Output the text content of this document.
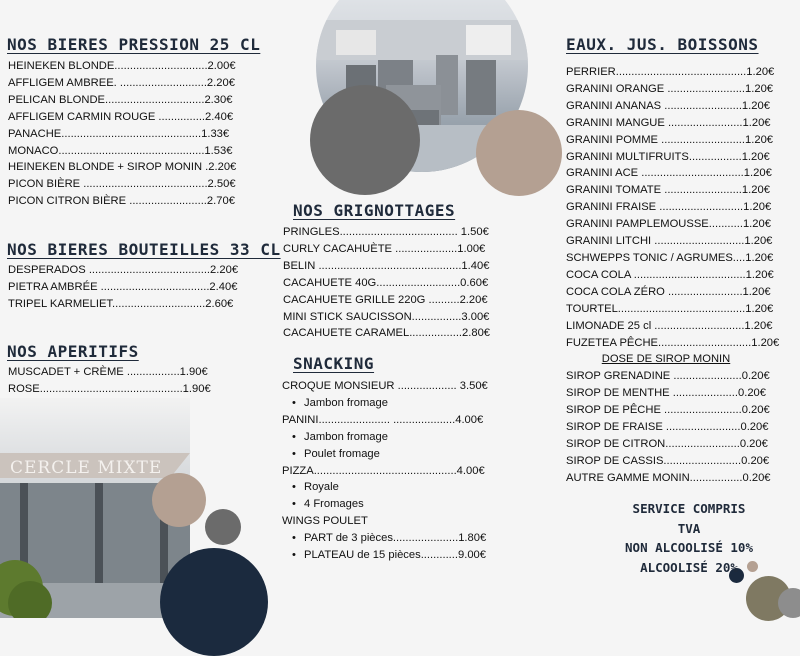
CERCLE MIXTE
NOS BIERES PRESSION 25 CL
HEINEKEN BLONDE..............................2.00€
AFFLIGEM AMBREE. ............................2.20€
PELICAN BLONDE................................2.30€
AFFLIGEM CARMIN ROUGE ...............2.40€
PANACHE.............................................1.33€
MONACO...............................................1.53€
HEINEKEN BLONDE + SIROP MONIN .2.20€
PICON BIÈRE ........................................2.50€
PICON CITRON BIÈRE .........................2.70€
NOS BIERES BOUTEILLES 33 CL
DESPERADOS .......................................2.20€
PIETRA AMBRÉE ...................................2.40€
TRIPEL KARMELIET..............................2.60€
NOS APERITIFS
MUSCADET + CRÈME .................1.90€
ROSE..............................................1.90€
NOS GRIGNOTTAGES
PRINGLES...................................... 1.50€
CURLY CACAHUÈTE ....................1.00€
BELIN ..............................................1.40€
CACAHUETE 40G...........................0.60€
CACAHUETE GRILLE 220G ..........2.20€
MINI STICK SAUCISSON................3.00€
CACAHUETE CARAMEL.................2.80€
SNACKING
CROQUE MONSIEUR ................... 3.50€
• Jambon fromage
PANINI....................... ....................4.00€
• Jambon fromage
• Poulet fromage
PIZZA..............................................4.00€
• Royale
• 4 Fromages
WINGS POULET
• PART de 3 pièces.....................1.80€
• PLATEAU de 15 pièces............9.00€
EAUX. JUS. BOISSONS
PERRIER..........................................1.20€
GRANINI ORANGE .........................1.20€
GRANINI ANANAS .........................1.20€
GRANINI MANGUE ........................1.20€
GRANINI POMME ...........................1.20€
GRANINI MULTIFRUITS.................1.20€
GRANINI ACE .................................1.20€
GRANINI TOMATE .........................1.20€
GRANINI FRAISE ...........................1.20€
GRANINI PAMPLEMOUSSE...........1.20€
GRANINI LITCHI .............................1.20€
SCHWEPPS TONIC / AGRUMES....1.20€
COCA COLA ....................................1.20€
COCA COLA ZÉRO ........................1.20€
TOURTEL.........................................1.20€
LIMONADE 25 cl .............................1.20€
FUZETEA PÊCHE..............................1.20€
DOSE DE SIROP MONIN
SIROP GRENADINE ......................0.20€
SIROP DE MENTHE .....................0.20€
SIROP DE PÊCHE .........................0.20€
SIROP DE FRAISE ........................0.20€
SIROP DE CITRON........................0.20€
SIROP DE CASSIS.........................0.20€
AUTRE GAMME MONIN.................0.20€
SERVICE COMPRIS
TVA
NON ALCOOLISÉ 10%
ALCOOLISÉ 20%
